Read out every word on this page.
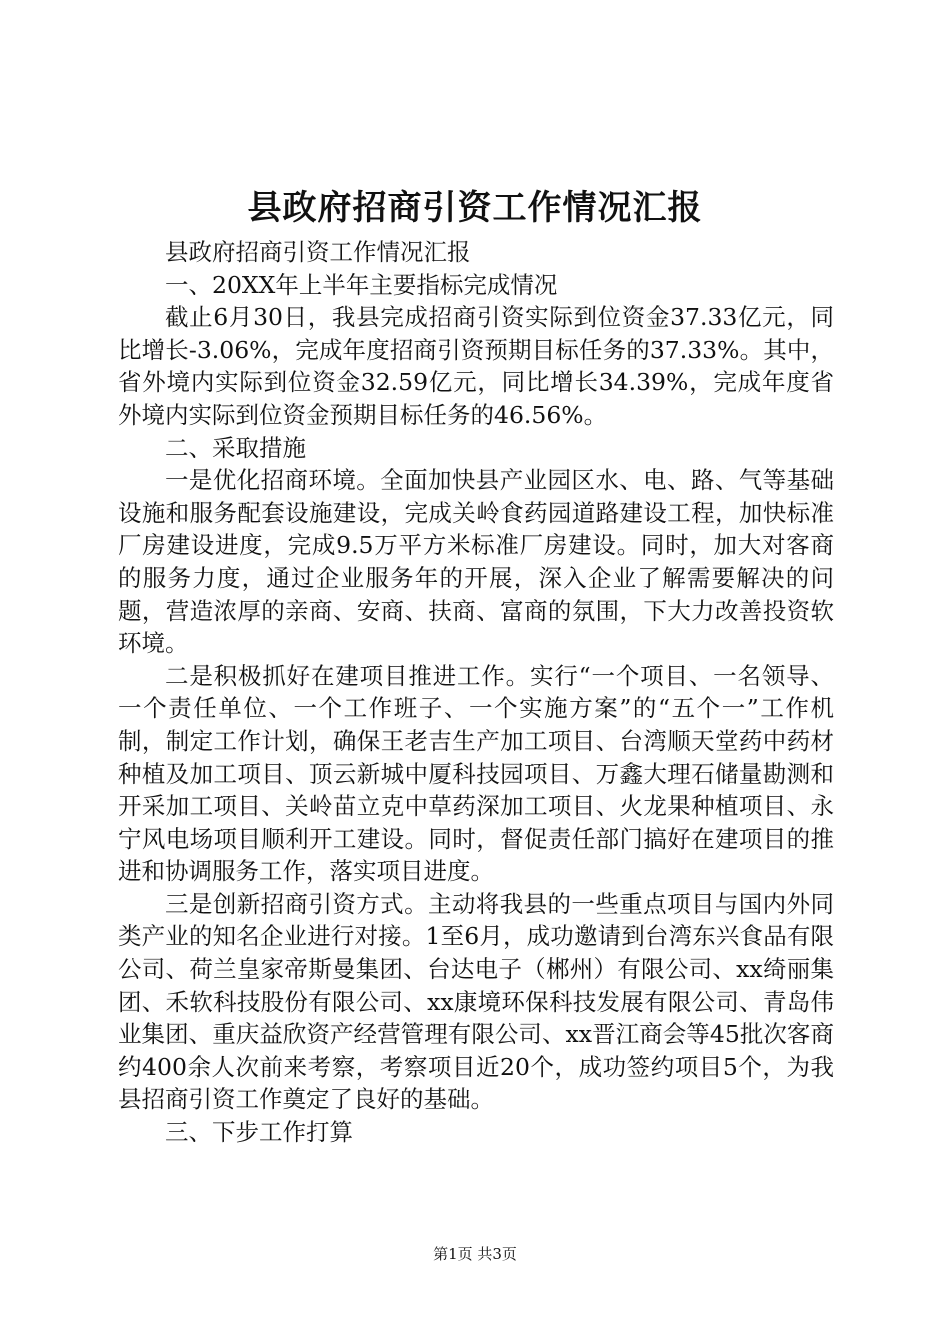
县政府招商引资工作情况汇报

县政府招商引资工作情况汇报

一、20XX年上半年主要指标完成情况

截止6月30日，我县完成招商引资实际到位资金37.33亿元，同比增长-3.06%，完成年度招商引资预期目标任务的37.33%。其中，省外境内实际到位资金32.59亿元，同比增长34.39%，完成年度省外境内实际到位资金预期目标任务的46.56%。

二、采取措施

一是优化招商环境。全面加快县产业园区水、电、路、气等基础设施和服务配套设施建设，完成关岭食药园道路建设工程，加快标准厂房建设进度，完成9.5万平方米标准厂房建设。同时，加大对客商的服务力度，通过企业服务年的开展，深入企业了解需要解决的问题，营造浓厚的亲商、安商、扶商、富商的氛围，下大力改善投资软环境。

二是积极抓好在建项目推进工作。实行“一个项目、一名领导、一个责任单位、一个工作班子、一个实施方案”的“五个一”工作机制，制定工作计划，确保王老吉生产加工项目、台湾顺天堂药中药材种植及加工项目、顶云新城中厦科技园项目、万鑫大理石储量勘测和开采加工项目、关岭苗立克中草药深加工项目、火龙果种植项目、永宁风电场项目顺利开工建设。同时，督促责任部门搞好在建项目的推进和协调服务工作，落实项目进度。

三是创新招商引资方式。主动将我县的一些重点项目与国内外同类产业的知名企业进行对接。1至6月，成功邀请到台湾东兴食品有限公司、荷兰皇家帝斯曼集团、台达电子（郴州）有限公司、xx绮丽集团、禾软科技股份有限公司、xx康境环保科技发展有限公司、青岛伟业集团、重庆益欣资产经营管理有限公司、xx晋江商会等45批次客商约400余人次前来考察，考察项目近20个，成功签约项目5个，为我县招商引资工作奠定了良好的基础。

三、下步工作打算

第1页 共3页
